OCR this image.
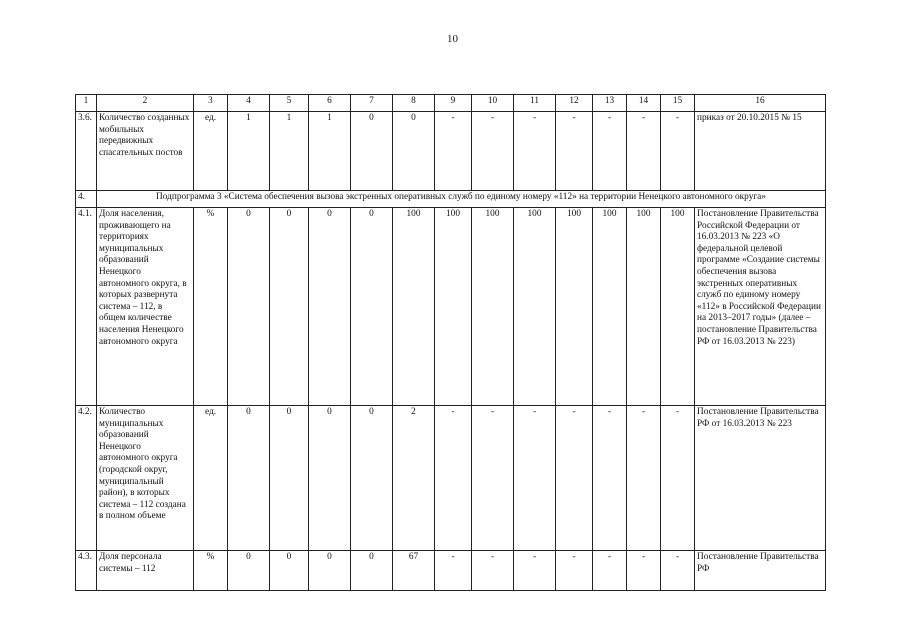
10
1	2	3	4	5	6	7	8	9	10	11	12	13	14	15	16
3.6.	Количество созданных мобильных передвижных спасательных постов	ед.	1	1	1	0	0	-	-	-	-	-	-	-	приказ от 20.10.2015 № 15
4.	Подпрограмма 3 «Система обеспечения вызова экстренных оперативных служб по единому номеру «112» на территории Ненецкого автономного округа»														
4.1.	Доля населения, проживающего на территориях муниципальных образований Ненецкого автономного округа, в которых развернута система – 112, в общем количестве населения Ненецкого автономного округа	%	0	0	0	0	100	100	100	100	100	100	100	100	Постановление Правительства Российской Федерации от 16.03.2013 № 223 «О федеральной целевой программе «Создание системы обеспечения вызова экстренных оперативных служб по единому номеру «112» в Российской Федерации на 2013–2017 годы» (далее – постановление Правительства РФ от 16.03.2013 № 223)
4.2.	Количество муниципальных образований Ненецкого автономного округа (городской округ, муниципальный район), в которых система – 112 создана в полном объеме	ед.	0	0	0	0	2	-	-	-	-	-	-	-	Постановление Правительства РФ от 16.03.2013 № 223
4.3.	Доля персонала системы – 112	%	0	0	0	0	67	-	-	-	-	-	-	-	Постановление Правительства РФ
